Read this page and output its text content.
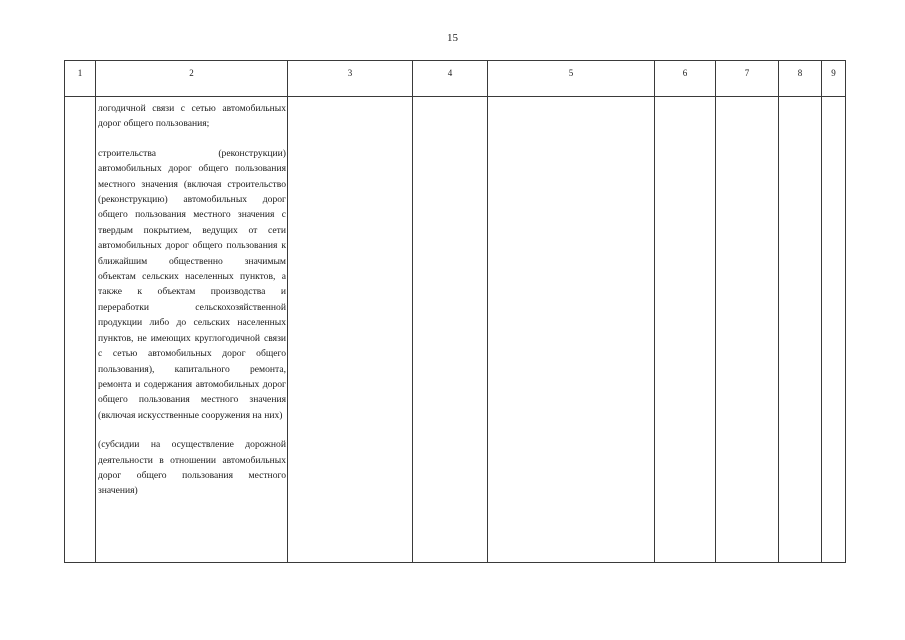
15
1	2	3	4	5	6	7	8	9

логодичной связи с сетью автомобильных дорог общего пользования;

строительства (реконструкции) автомобильных дорог общего пользования местного значения (включая строительство (реконструкцию) автомобильных дорог общего пользования местного значения с твердым покрытием, ведущих от сети автомобильных дорог общего пользования к ближайшим общественно значимым объектам сельских населенных пунктов, а также к объектам производства и переработки сельскохозяйственной продукции либо до сельских населенных пунктов, не имеющих круглогодичной связи с сетью автомобильных дорог общего пользования), капитального ремонта, ремонта и содержания автомобильных дорог общего пользования местного значения (включая искусственные сооружения на них)

(субсидии на осуществление дорожной деятельности в отношении автомобильных дорог общего пользования местного значения)
